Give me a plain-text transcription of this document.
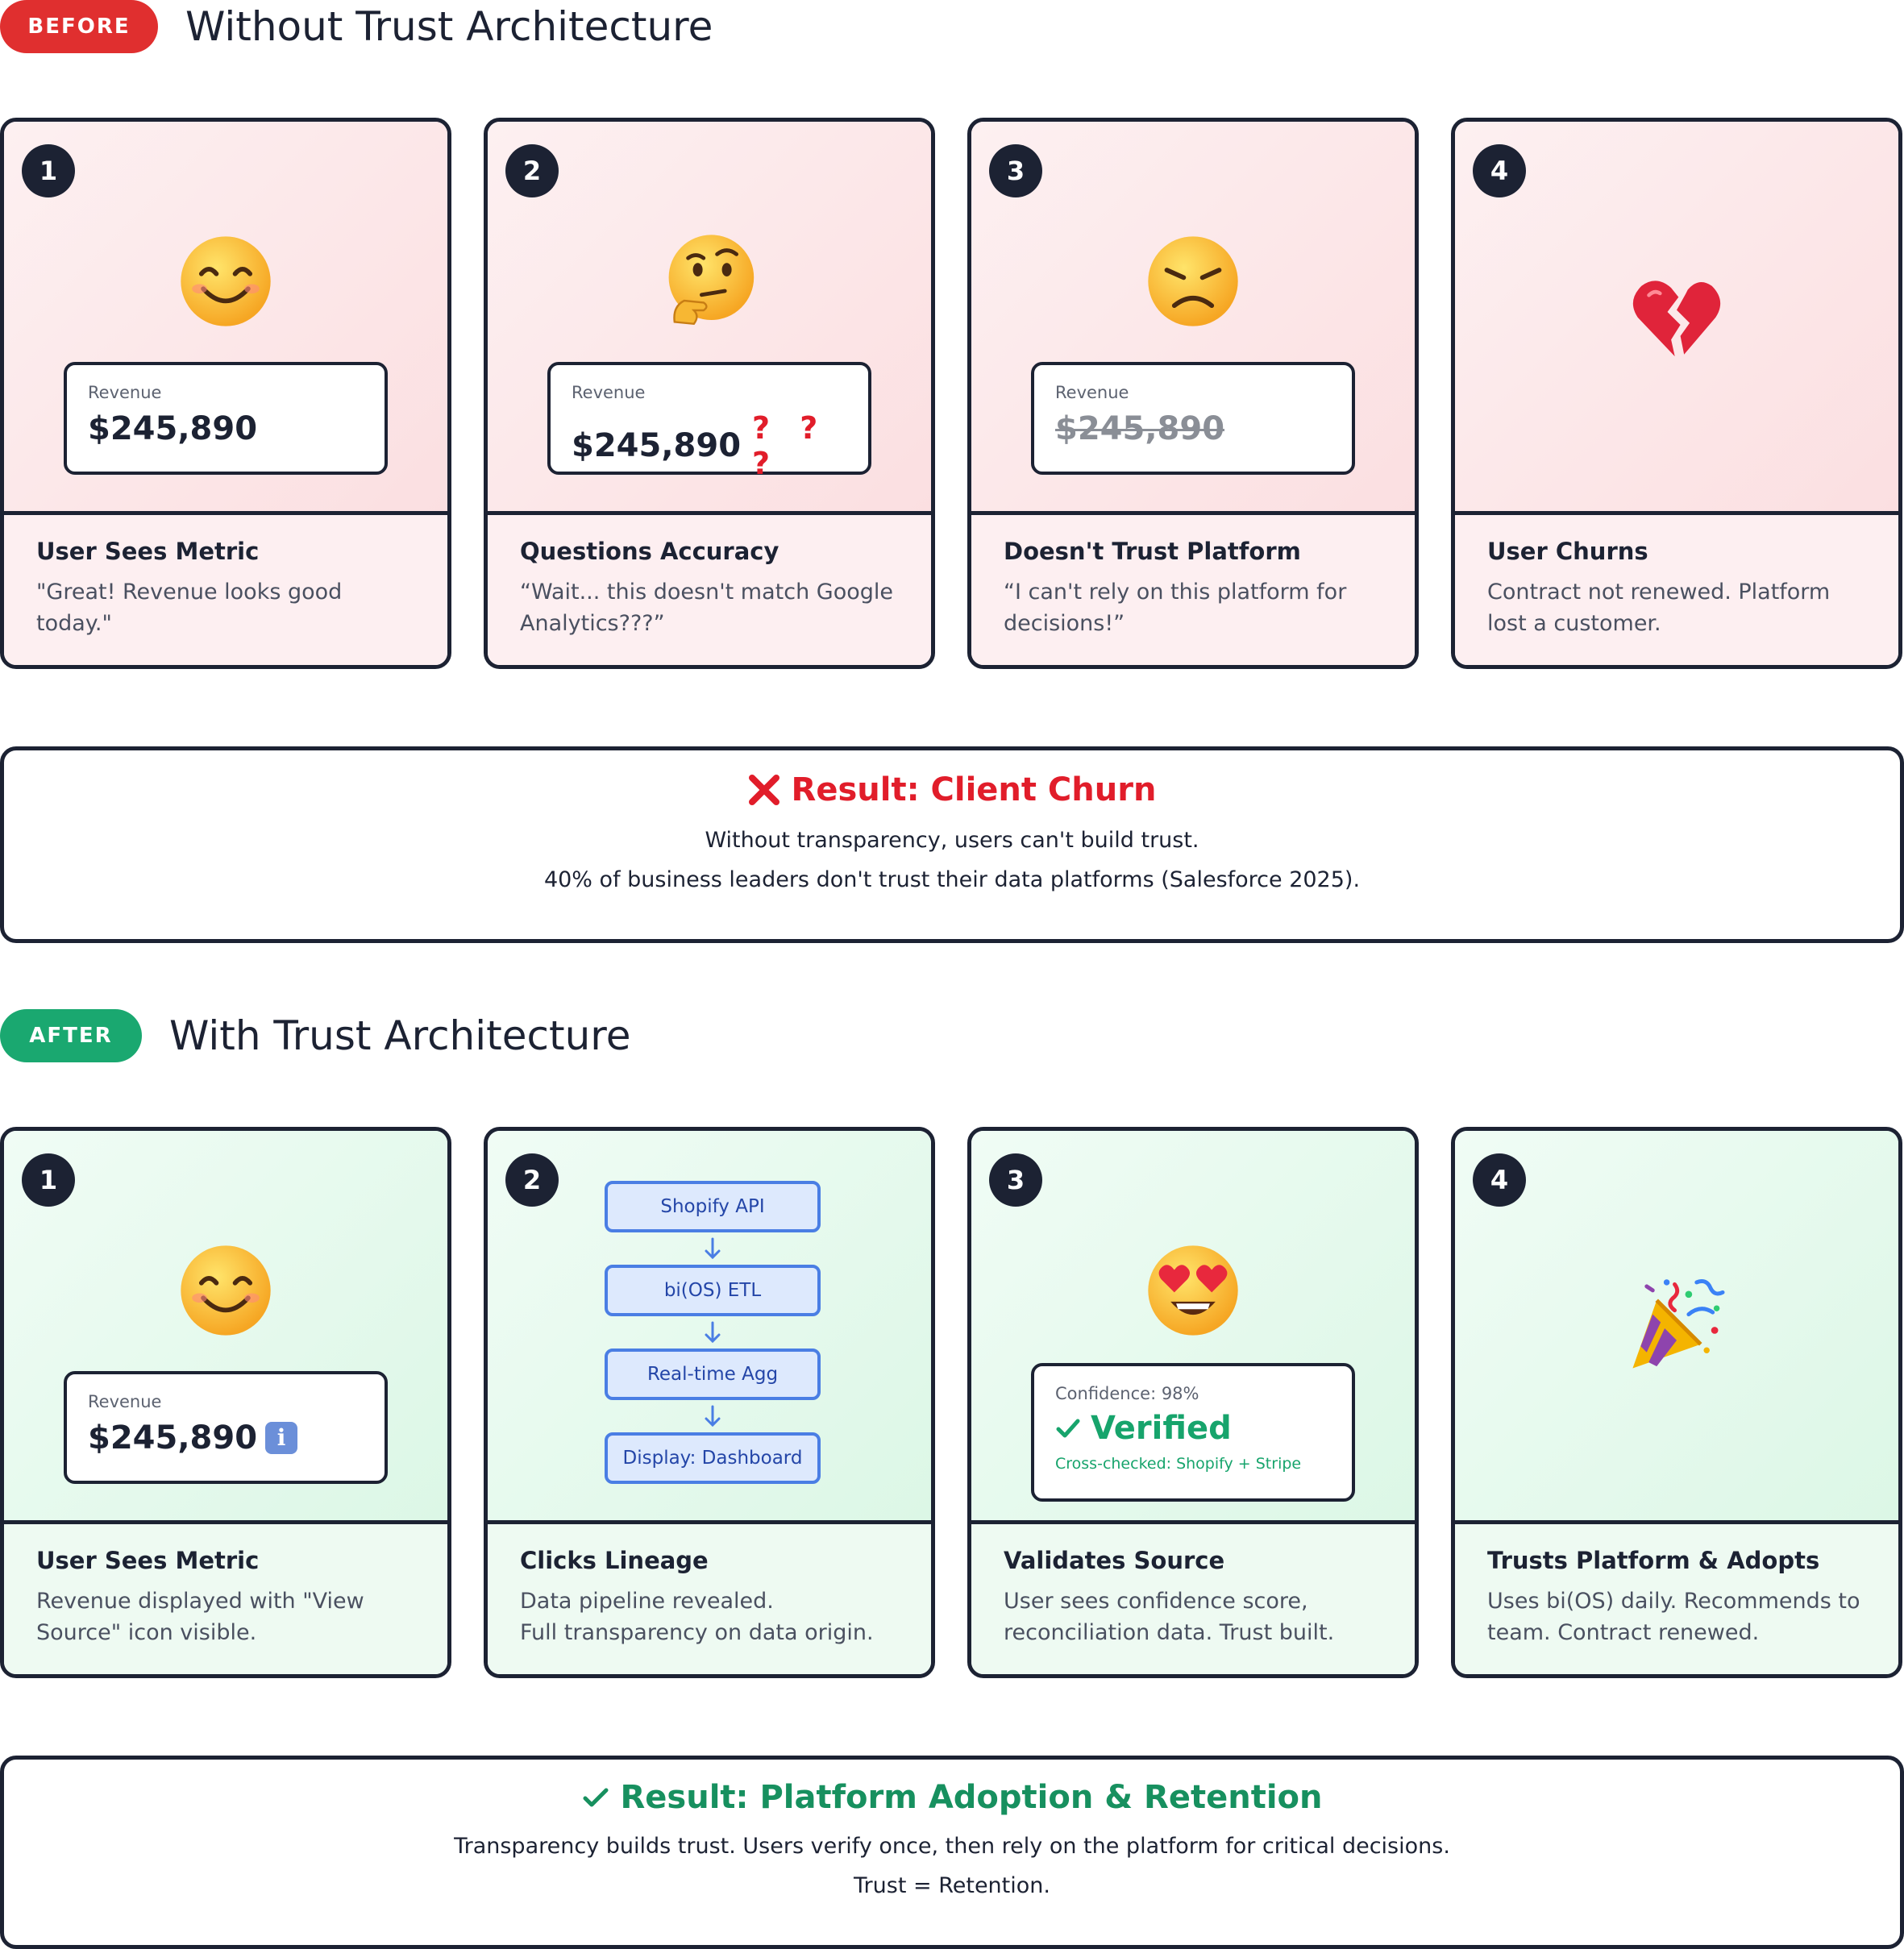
BEFORE	Without Trust Architecture
1
Revenue
$245,890
User Sees Metric
"Great! Revenue looks good today."
2
Revenue
$245,890 ? ? ?
Questions Accuracy
“Wait... this doesn't match Google Analytics???”
3
Revenue
$245,890
Doesn't Trust Platform
“I can't rely on this platform for decisions!”
4
User Churns
Contract not renewed. Platform lost a customer.
Result: Client Churn
Without transparency, users can't build trust.
40% of business leaders don't trust their data platforms (Salesforce 2025).
AFTER	With Trust Architecture
1
Revenue
$245,890 i
User Sees Metric
Revenue displayed with "View Source" icon visible.
2
Shopify API
bi(OS) ETL
Real-time Agg
Display: Dashboard
Clicks Lineage
Data pipeline revealed.
Full transparency on data origin.
3
Confidence: 98%
Verified
Cross-checked: Shopify + Stripe
Validates Source
User sees confidence score, reconciliation data. Trust built.
4
Trusts Platform & Adopts
Uses bi(OS) daily. Recommends to team. Contract renewed.
Result: Platform Adoption & Retention
Transparency builds trust. Users verify once, then rely on the platform for critical decisions.
Trust = Retention.
